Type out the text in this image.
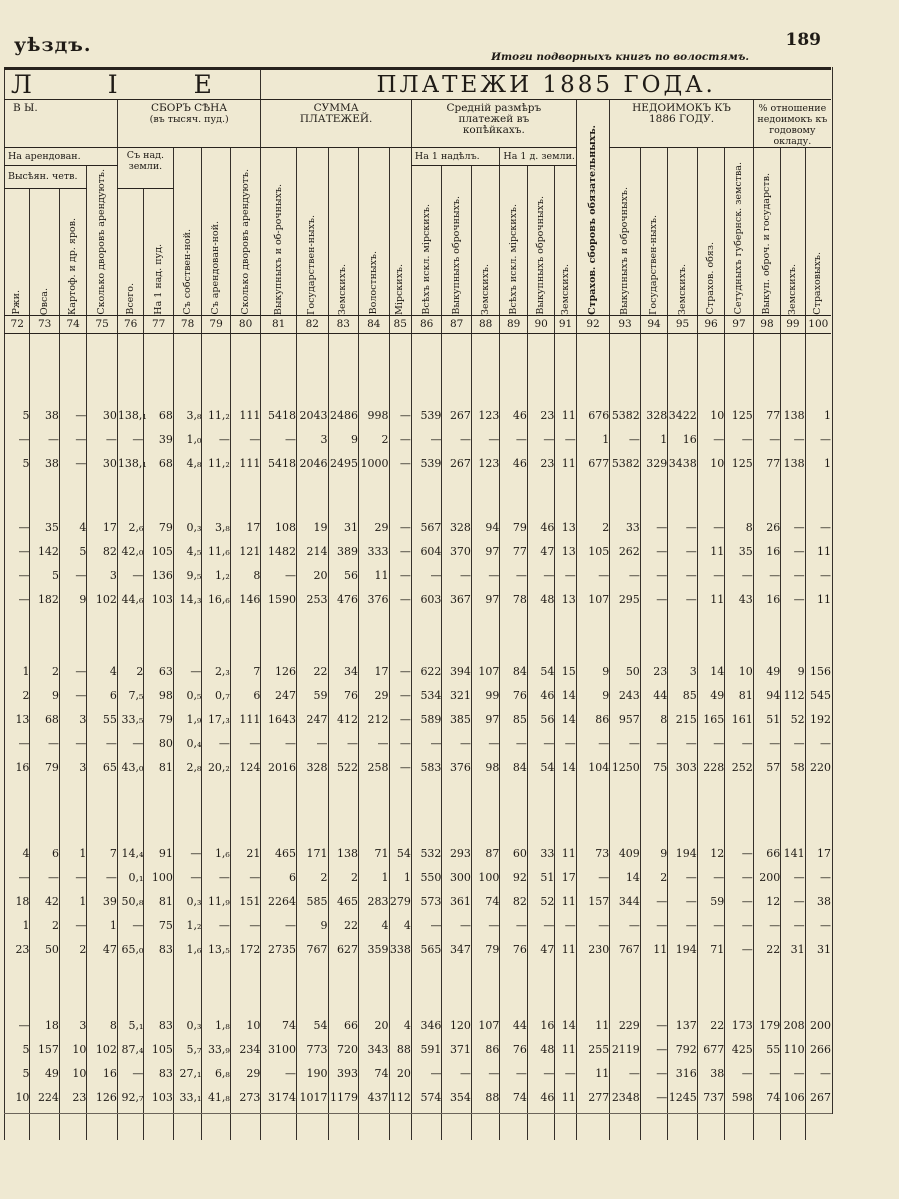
уѣздъ.
Итоги подворныхъ книгъ по волостямъ.
189
Л І Е									ПЛАТЕЖИ 1885 ГОДА.																			
В Ы.				СБОРЪ СѢНА
(въ тысяч. пуд.)					СУММА ПЛАТЕЖЕЙ.					Среднiй размѣръ платежей въ копѣйкахъ.						Страхов. сборовъ обязательныхъ.	НЕДОИМОКЪ КЪ 1886 ГОДУ.					% отношение недоимокъ къ годовому окладу.		

На арендован.				Съ над. земли.		Съ собствен-ной.	Съ арендован-ной.	Сколько дворовъ арендуютъ.	Выкупныхъ и об-рочныхъ.	Государствен-ныхъ.	Земскихъ.	Волостныхъ.	Мiрскихъ.	На 1 надѣлъ.			На 1 д. земли.				Выкупныхъ и оброчныхъ.	Государствен-ныхъ.	Земскихъ.	Страхов. обяз.	Сетудныхъ губернск. земства.	Выкуп. оброч. и государств.	Земскихъ.	Страховыхъ.

Высѣян. четв.			Сколько дворовъ арендуютъ.											Всѣхъ искл. мiрскихъ.	Выкупныхъ оброчныхъ.	Земскихъ.	Всѣхъ искл. мiрскихъ.	Выкупныхъ оброчныхъ.	Земскихъ.									

Ржи.	Овса.	Картоф. и др. яров.		Всего.	На 1 над. пуд.																							

72	73	74	75	76	77	78	79	80	81	82	83	84	85	86	87	88	89	90	91	92	93	94	95	96	97	98	99	100

5	38	—	30	138,₁	68	3,₈	11,₂	111	5418	2043	2486	998	—	539	267	123	46	23	11	676	5382	328	3422	10	125	77	138	1
—	—	—	—	—	39	1,₀	—	—	—	3	9	2	—	—	—	—	—	—	—	1	—	1	16	—	—	—	—	—
5	38	—	30	138,₁	68	4,₈	11,₂	111	5418	2046	2495	1000	—	539	267	123	46	23	11	677	5382	329	3438	10	125	77	138	1

—	35	4	17	2,₆	79	0,₃	3,₈	17	108	19	31	29	—	567	328	94	79	46	13	2	33	—	—	—	8	26	—	—
—	142	5	82	42,₀	105	4,₅	11,₆	121	1482	214	389	333	—	604	370	97	77	47	13	105	262	—	—	11	35	16	—	11
—	5	—	3	—	136	9,₅	1,₂	8	—	20	56	11	—	—	—	—	—	—	—	—	—	—	—	—	—	—	—	—
—	182	9	102	44,₆	103	14,₃	16,₆	146	1590	253	476	376	—	603	367	97	78	48	13	107	295	—	—	11	43	16	—	11

1	2	—	4	2	63	—	2,₃	7	126	22	34	17	—	622	394	107	84	54	15	9	50	23	3	14	10	49	9	156
2	9	—	6	7,₅	98	0,₅	0,₇	6	247	59	76	29	—	534	321	99	76	46	14	9	243	44	85	49	81	94	112	545
13	68	3	55	33,₅	79	1,₉	17,₃	111	1643	247	412	212	—	589	385	97	85	56	14	86	957	8	215	165	161	51	52	192
—	—	—	—	—	80	0,₄	—	—	—	—	—	—	—	—	—	—	—	—	—	—	—	—	—	—	—	—	—	—
16	79	3	65	43,₀	81	2,₈	20,₂	124	2016	328	522	258	—	583	376	98	84	54	14	104	1250	75	303	228	252	57	58	220

4	6	1	7	14,₄	91	—	1,₆	21	465	171	138	71	54	532	293	87	60	33	11	73	409	9	194	12	—	66	141	17
—	—	—	—	0,₁	100	—	—	—	6	2	2	1	1	550	300	100	92	51	17	—	14	2	—	—	—	200	—	—
18	42	1	39	50,₈	81	0,₃	11,₉	151	2264	585	465	283	279	573	361	74	82	52	11	157	344	—	—	59	—	12	—	38
1	2	—	1	—	75	1,₂	—	—	—	9	22	4	4	—	—	—	—	—	—	—	—	—	—	—	—	—	—	—
23	50	2	47	65,₀	83	1,₆	13,₅	172	2735	767	627	359	338	565	347	79	76	47	11	230	767	11	194	71	—	22	31	31

—	18	3	8	5,₁	83	0,₃	1,₈	10	74	54	66	20	4	346	120	107	44	16	14	11	229	—	137	22	173	179	208	200
5	157	10	102	87,₄	105	5,₇	33,₉	234	3100	773	720	343	88	591	371	86	76	48	11	255	2119	—	792	677	425	55	110	266
5	49	10	16	—	83	27,₁	6,₈	29	—	190	393	74	20	—	—	—	—	—	—	11	—	—	316	38	—	—	—	—
10	224	23	126	92,₇	103	33,₁	41,₈	273	3174	1017	1179	437	112	574	354	88	74	46	11	277	2348	—	1245	737	598	74	106	267
